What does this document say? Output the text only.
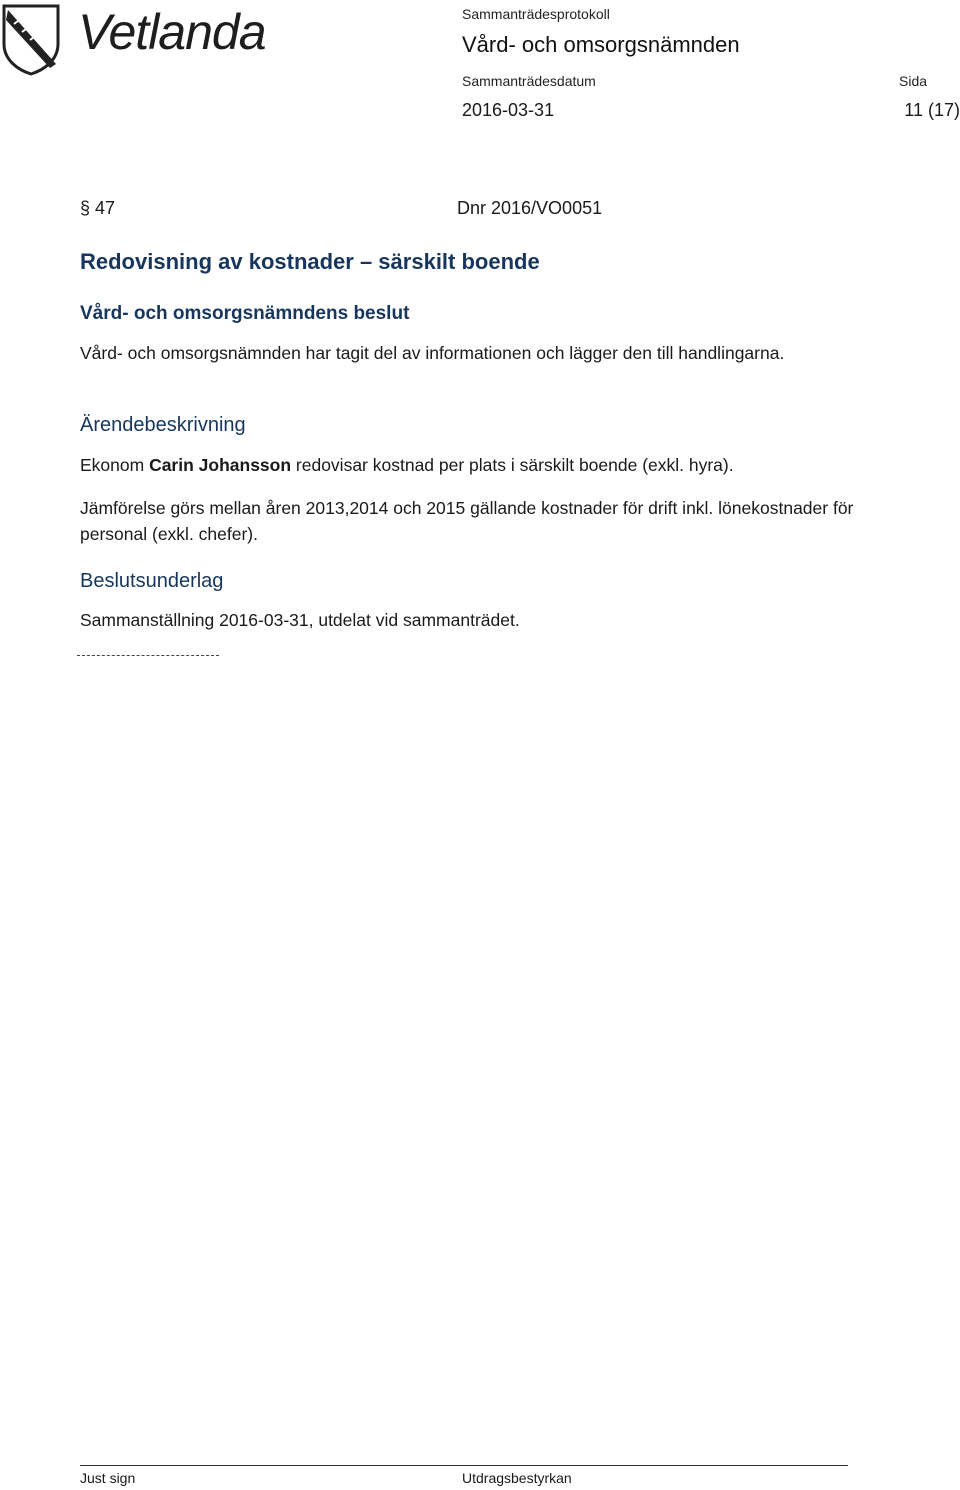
Vetlanda	Sammanträdesprotokoll
Vård- och omsorgsnämnden
Sammanträdesdatum
2016-03-31
Sida
11 (17)
§ 47	Dnr 2016/VO0051
Redovisning av kostnader – särskilt boende
Vård- och omsorgsnämndens beslut
Vård- och omsorgsnämnden har tagit del av informationen och lägger den till handlingarna.
Ärendebeskrivning
Ekonom Carin Johansson redovisar kostnad per plats i särskilt boende (exkl. hyra).
Jämförelse görs mellan åren 2013,2014 och 2015 gällande kostnader för drift inkl. lönekostnader för personal (exkl. chefer).
Beslutsunderlag
Sammanställning 2016-03-31, utdelat vid sammanträdet.
Just sign	Utdragsbestyrkan
